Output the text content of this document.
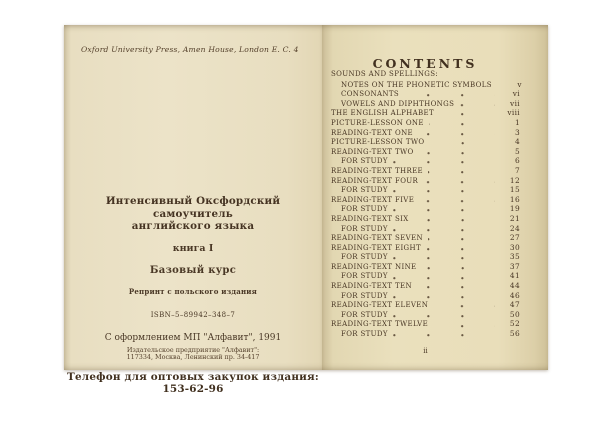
Oxford University Press, Amen House, London E. C. 4
Интенсивный Оксфордский самоучитель
английского языка
книга I
Базовый курс
Репринт с польского издания
ISBN–5–89942–348–7
С оформлением МП "Алфавит", 1991
Издательское предприятие "Алфавит":
117334, Москва, Ленинский пр. 34-417
Телефон для оптовых закупок издания: 153-62-96
CONTENTS
SOUNDS AND SPELLINGS:
NOTES ON THE PHONETIC SYMBOLS	v
CONSONANTS	vi
VOWELS AND DIPHTHONGS	vii
THE ENGLISH ALPHABET	viii
PICTURE-LESSON ONE	1
READING-TEXT ONE	3
PICTURE-LESSON TWO	4
READING-TEXT TWO	5
FOR STUDY	6
READING-TEXT THREE	7
READING-TEXT FOUR	12
FOR STUDY	15
READING-TEXT FIVE	16
FOR STUDY	19
READING-TEXT SIX	21
FOR STUDY	24
READING-TEXT SEVEN	27
READING-TEXT EIGHT	30
FOR STUDY	35
READING-TEXT NINE	37
FOR STUDY	41
READING-TEXT TEN	44
FOR STUDY	46
READING-TEXT ELEVEN	47
FOR STUDY	50
READING-TEXT TWELVE	52
FOR STUDY	56
ii
